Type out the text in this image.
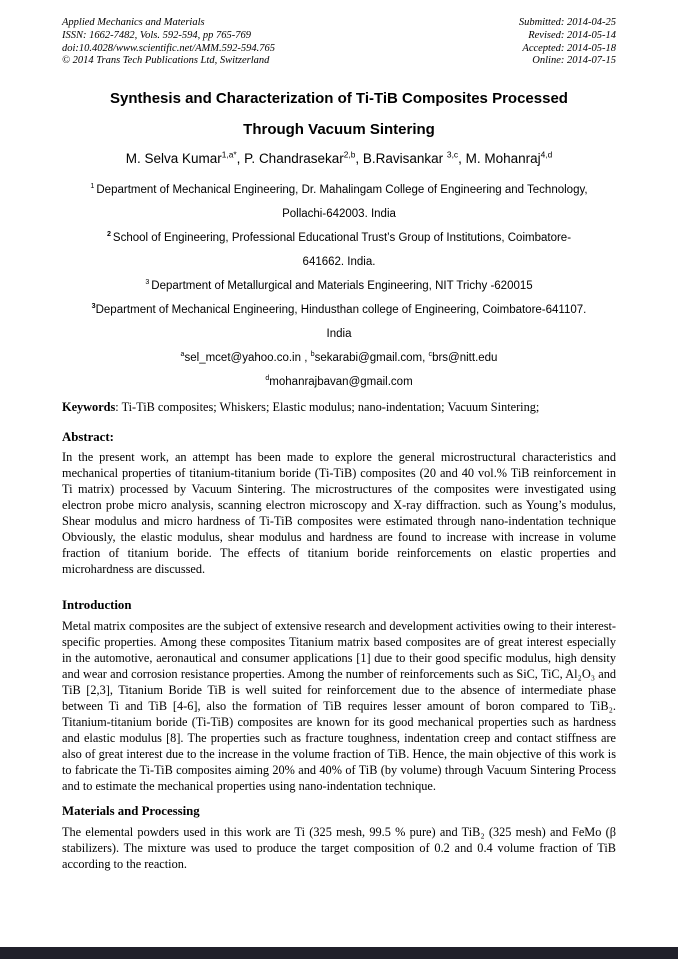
Applied Mechanics and Materials
ISSN: 1662-7482, Vols. 592-594, pp 765-769
doi:10.4028/www.scientific.net/AMM.592-594.765
© 2014 Trans Tech Publications Ltd, Switzerland
Submitted: 2014-04-25
Revised: 2014-05-14
Accepted: 2014-05-18
Online: 2014-07-15
Synthesis and Characterization of Ti-TiB Composites Processed
Through Vacuum Sintering
M. Selva Kumar$^{1,a*}$, P. Chandrasekar$^{2,b}$, B.Ravisankar $^{3,c}$, M. Mohanraj$^{4,d}$

$^1$ Department of Mechanical Engineering, Dr. Mahalingam College of Engineering and Technology, Pollachi-642003. India

$^2$ School of Engineering, Professional Educational Trust’s Group of Institutions, Coimbatore-641662. India.

$^3$ Department of Metallurgical and Materials Engineering, NIT Trichy -620015

$^3$Department of Mechanical Engineering, Hindusthan college of Engineering, Coimbatore-641107. India

$^a$sel_mcet@yahoo.co.in , $^b$sekarabi@gmail.com, $^c$brs@nitt.edu

$^d$mohanrajbavan@gmail.com

Keywords: Ti-TiB composites; Whiskers; Elastic modulus; nano-indentation; Vacuum Sintering;

Abstract:

In the present work, an attempt has been made to explore the general microstructural characteristics and mechanical properties of titanium-titanium boride (Ti-TiB) composites (20 and 40 vol.% TiB reinforcement in Ti matrix) processed by Vacuum Sintering. The microstructures of the composites were investigated using electron probe micro analysis, scanning electron microscopy and X-ray diffraction. such as Young’s modulus, Shear modulus and micro hardness of Ti-TiB composites were estimated through nano-indentation technique Obviously, the elastic modulus, shear modulus and hardness are found to increase with increase in volume fraction of titanium boride. The effects of titanium boride reinforcements on elastic properties and microhardness are discussed.

Introduction

Metal matrix composites are the subject of extensive research and development activities owing to their interest-specific properties. Among these composites Titanium matrix based composites are of great interest especially in the automotive, aeronautical and consumer applications [1] due to their good specific modulus, high density and wear and corrosion resistance properties. Among the number of reinforcements such as SiC, TiC, Al₂O₃ and TiB [2,3], Titanium Boride TiB is well suited for reinforcement due to the absence of intermediate phase between Ti and TiB [4-6], also the formation of TiB requires lesser amount of boron compared to TiB₂. Titanium-titanium boride (Ti-TiB) composites are known for its good mechanical properties such as hardness and elastic modulus [8]. The properties such as fracture toughness, indentation creep and contact stiffness are also of great interest due to the increase in the volume fraction of TiB. Hence, the main objective of this work is to fabricate the Ti-TiB composites aiming 20% and 40% of TiB (by volume) through Vacuum Sintering Process and to estimate the mechanical properties using nano-indentation technique.

Materials and Processing

The elemental powders used in this work are Ti (325 mesh, 99.5 % pure) and TiB₂ (325 mesh) and FeMo (β stabilizers). The mixture was used to produce the target composition of 0.2 and 0.4 volume fraction of TiB according to the reaction.
